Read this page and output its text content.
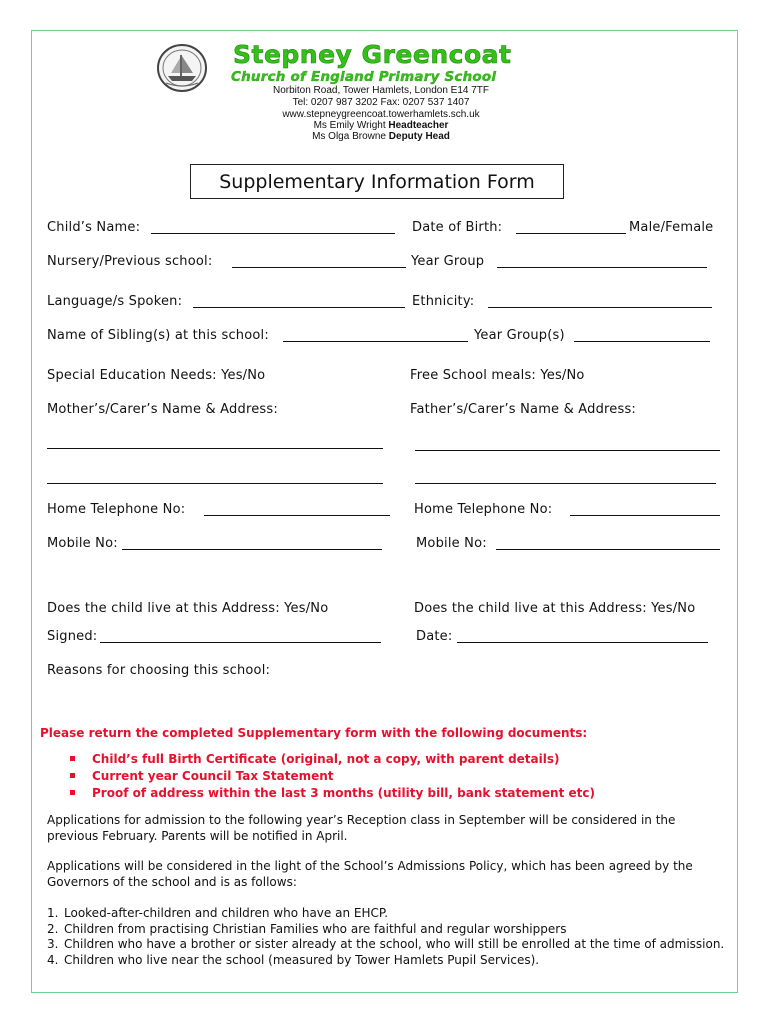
Stepney Greencoat
Church of England Primary School
Norbiton Road, Tower Hamlets, London E14 7TF
Tel: 0207 987 3202 Fax: 0207 537 1407
www.stepneygreencoat.towerhamlets.sch.uk
Ms Emily Wright Headteacher
Ms Olga Browne Deputy Head
Supplementary Information Form
Child’s Name:	Date of Birth:	Male/Female
Nursery/Previous school:	Year Group
Language/s Spoken:	Ethnicity:
Name of Sibling(s) at this school:	Year Group(s)
Special Education Needs: Yes/No	Free School meals: Yes/No
Mother’s/Carer’s Name & Address:	Father’s/Carer’s Name & Address:
Home Telephone No:	Home Telephone No:
Mobile No:	Mobile No:
Does the child live at this Address: Yes/No	Does the child live at this Address: Yes/No
Signed:	Date:
Reasons for choosing this school:
Please return the completed Supplementary form with the following documents:
Child’s full Birth Certificate (original, not a copy, with parent details)
Current year Council Tax Statement
Proof of address within the last 3 months (utility bill, bank statement etc)
Applications for admission to the following year’s Reception class in September will be considered in the previous February. Parents will be notified in April.
Applications will be considered in the light of the School’s Admissions Policy, which has been agreed by the Governors of the school and is as follows:
1. Looked-after-children and children who have an EHCP.
2. Children from practising Christian Families who are faithful and regular worshippers
3. Children who have a brother or sister already at the school, who will still be enrolled at the time of admission.
4. Children who live near the school (measured by Tower Hamlets Pupil Services).
